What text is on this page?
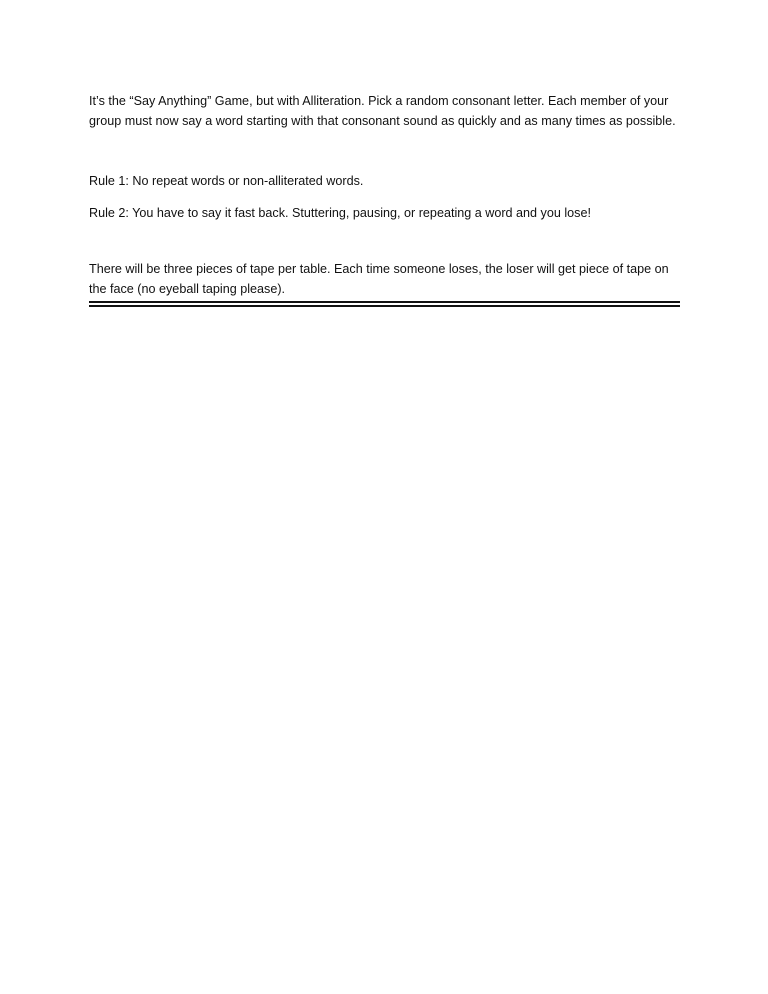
It’s the “Say Anything” Game, but with Alliteration. Pick a random consonant letter. Each member of your group must now say a word starting with that consonant sound as quickly and as many times as possible.

Rule 1: No repeat words or non-alliterated words.

Rule 2: You have to say it fast back. Stuttering, pausing, or repeating a word and you lose!

There will be three pieces of tape per table. Each time someone loses, the loser will get piece of tape on the face (no eyeball taping please).
